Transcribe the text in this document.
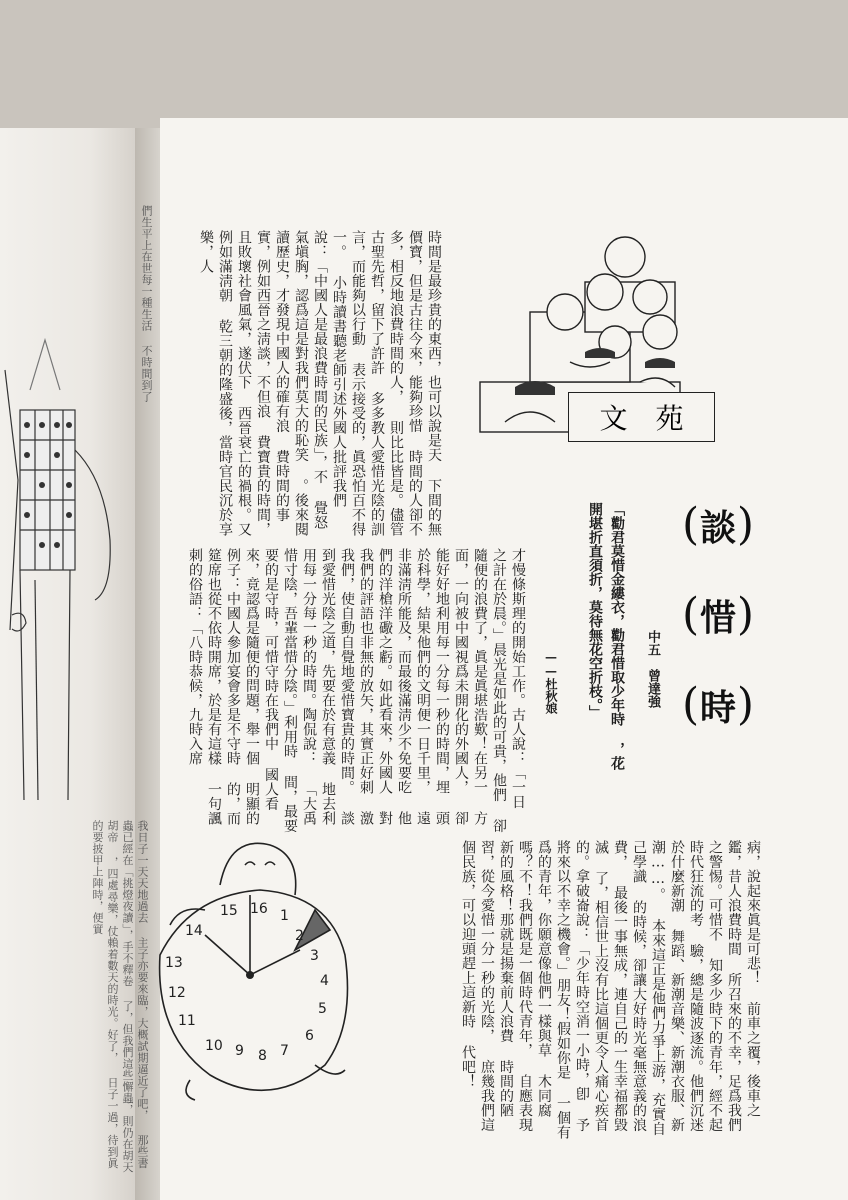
我日子一天天地過去 主子亦要來臨，大概試期逼近了吧， 那些書蟲已經在「挑燈夜讀」，手不釋卷 了，但我們這些懈蟲，則仍在胡天胡帝 ，四處尋樂，仗賴着數天的時光。好了， 日子一過，待到眞的要披甲上陣時，便實
們生平上在世每一種生活 不時間到了	時間是最珍貴的東西，也可以說是天 下間的無價寶，但是古往今來，能夠珍惜 時間的人卻不多，相反地浪費時間的人， 則比比皆是。儘管古聖先哲，留下了許許 多多教人愛惜光陰的訓言，而能夠以行動 表示接受的，眞恐怕百不得一。 小時讀書聽老師引述外國人批評我們 說：「中國人是最浪費時間的民族」，不 覺怒氣塡胸，認爲這是對我們莫大的恥笑 。後來閱讀歷史，才發現中國人的確有浪 費時間的事實，例如西晉之淸談，不但浪 費寶貴的時間，且敗壞社會風氣，遂伏下 西晉衰亡的禍根。又例如滿淸朝 乾三朝的隆盛後，當時官民沉於享樂，人
文苑
( 談 )
( 惜 )
( 時 )
中五　曾達強
「勸君莫惜金縷衣，勸君惜取少年時 ，花開堪折直須折，莫待無花空折枝。」
——杜秋娘
才慢條斯理的開始工作。古人說：「一日 之計在於晨。」晨光是如此的可貴，他們 卻隨便的浪費了，眞是眞堪浩歎！在另一 方面，一向被中國視爲未開化的外國人， 卻能好好地利用每一分每一秒的時間，埋 頭於科學，結果他們的文明便一日千里， 遠非滿淸所能及，而最後滿淸少不免要吃 他們的洋槍洋礮之虧。如此看來，外國人 對我們的評語也非無的放矢，其實正好刺 激我們，使自動自覺地愛惜寶貴的時間。 談到愛惜光陰之道，先要在於有意義 地去利用每一分每一秒的時間。陶侃說： 「大禹惜寸陰，吾輩當惜分陰。」利用時 間，最要要的是守時，可惜守時在我們中 國人看來，竟認爲是隨便的問題，舉一個 明顯的例子：中國人參加宴會多是不守時 的，而筵席也從不依時開席，於是有這樣 一句諷刺的俗語：「八時恭候，九時入席
病，說起來眞是可悲！ 前車之覆，後車之鑑，昔人浪費時間 所召來的不幸，足爲我們之警惕。可惜不 知多少時下的青年，經不起時代狂流的考 驗，總是隨波逐流。他們沉迷於什麼新潮 舞蹈、新潮音樂、新潮衣服、新潮……。 本來這正是他們力爭上游，充實自己學識 的時候，卻讓大好時光毫無意義的浪費， 最後一事無成，連自己的一生幸福都毀滅 了，相信世上沒有比這個更令人痛心疾首 的。拿破崙說：「少年時空消一小時，卽 予將來以不幸之機會。」朋友！假如你是 一個有爲的青年，你願意像他們一樣與草 木同腐嗎？不！我們既是一個時代青年， 自應表現新的風格！那就是揚棄前人浪費 時間的陋習，從今愛惜一分一秒的光陰， 庶幾我們這個民族，可以迎頭趕上這新時 代吧！
1
2
3
4
5
6
7
8
9
10
11
12
13
14
15 16
